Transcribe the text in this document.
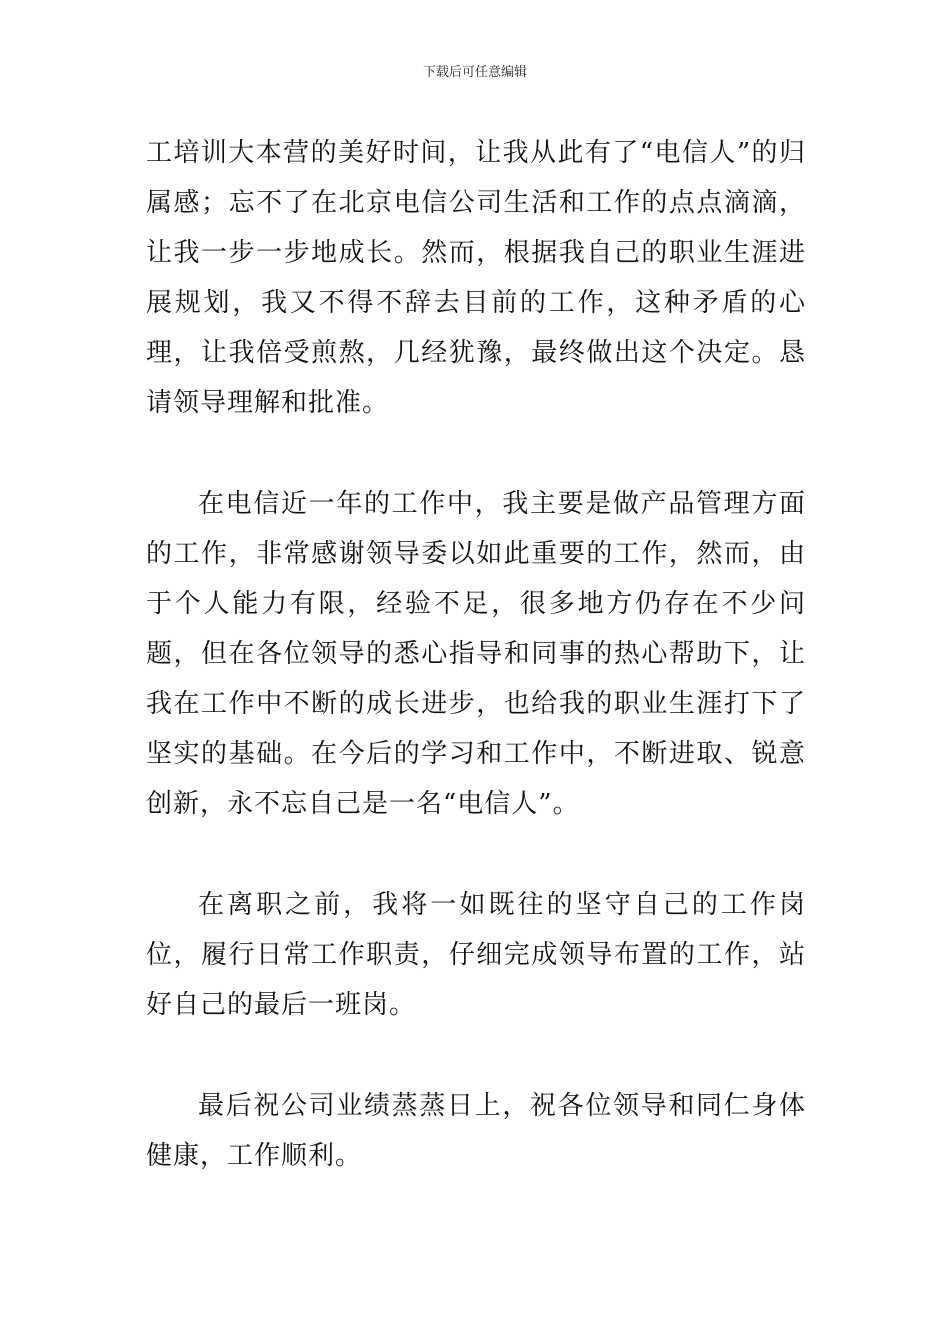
下载后可任意编辑

工培训大本营的美好时间，让我从此有了“电信人”的归属感；忘不了在北京电信公司生活和工作的点点滴滴，让我一步一步地成长。然而，根据我自己的职业生涯进展规划，我又不得不辞去目前的工作，这种矛盾的心理，让我倍受煎熬，几经犹豫，最终做出这个决定。恳请领导理解和批准。

在电信近一年的工作中，我主要是做产品管理方面的工作，非常感谢领导委以如此重要的工作，然而，由于个人能力有限，经验不足，很多地方仍存在不少问题，但在各位领导的悉心指导和同事的热心帮助下，让我在工作中不断的成长进步，也给我的职业生涯打下了坚实的基础。在今后的学习和工作中，不断进取、锐意创新，永不忘自己是一名“电信人”。

在离职之前，我将一如既往的坚守自己的工作岗位，履行日常工作职责，仔细完成领导布置的工作，站好自己的最后一班岗。

最后祝公司业绩蒸蒸日上，祝各位领导和同仁身体健康，工作顺利。
